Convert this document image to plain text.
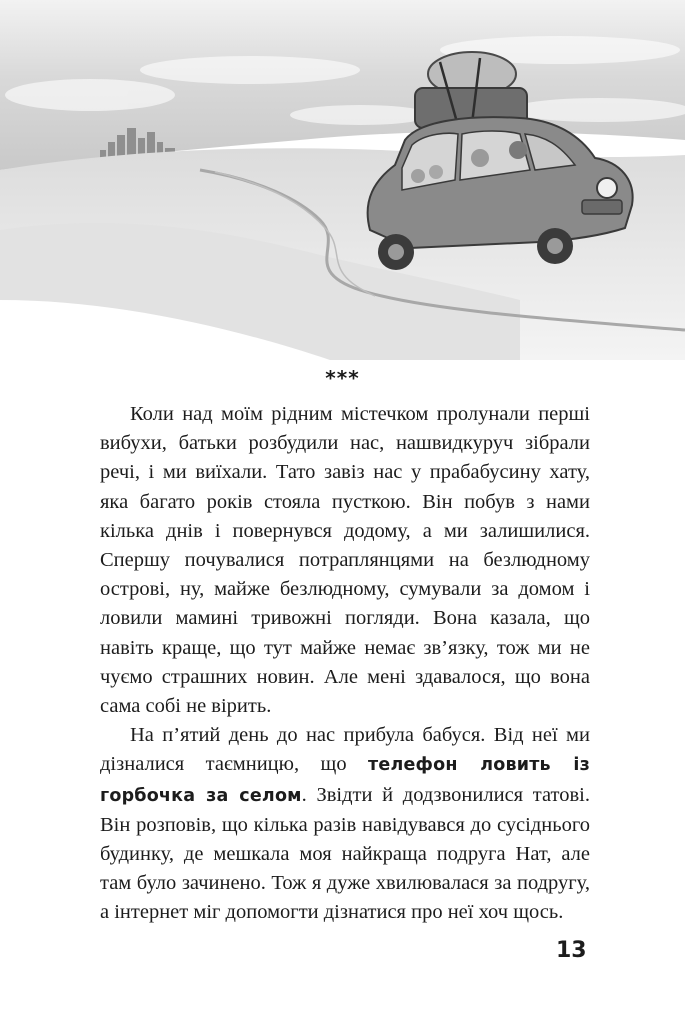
***

Коли над моїм рідним містечком пролунали перші вибухи, батьки розбудили нас, нашвидкуруч зібрали речі, і ми виїхали. Тато завіз нас у прабабусину хату, яка багато років стояла пусткою. Він побув з нами кілька днів і повернувся додому, а ми залишилися. Спершу почувалися потраплянцями на безлюдному острові, ну, майже безлюдному, сумували за домом і ловили мамині тривожні погляди. Вона казала, що навіть краще, що тут майже немає зв’язку, тож ми не чуємо страшних новин. Але мені здавалося, що вона сама собі не вірить.

На п’ятий день до нас прибула бабуся. Від неї ми дізналися таємницю, що телефон ловить із горбочка за селом. Звідти й додзвонилися татові. Він розповів, що кілька разів навідувався до сусіднього будинку, де мешкала моя найкраща подруга Нат, але там було зачинено. Тож я дуже хвилювалася за подругу, а інтернет міг допомогти дізнатися про неї хоч щось.

13
